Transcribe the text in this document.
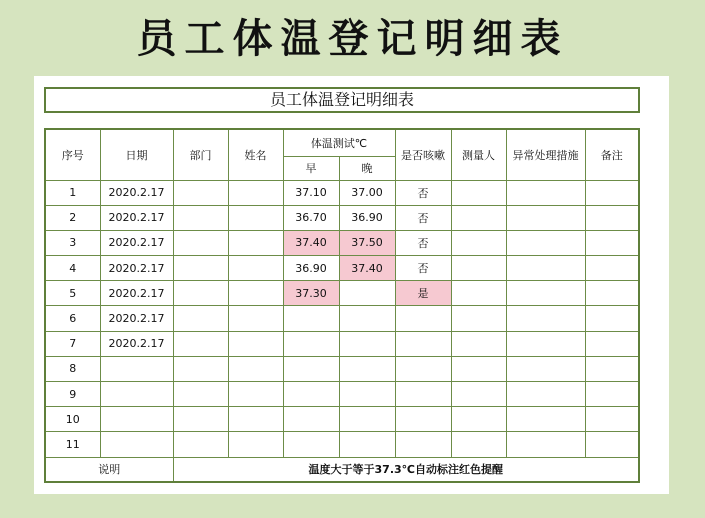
员工体温登记明细表
员工体温登记明细表
序号	日期	部门	姓名	体温测试℃		是否咳嗽	测量人	异常处理措施	备注
				早	晚				
1	2020.2.17			37.10	37.00	否			
2	2020.2.17			36.70	36.90	否			
3	2020.2.17			37.40	37.50	否			
4	2020.2.17			36.90	37.40	否			
5	2020.2.17			37.30		是			
6	2020.2.17								
7	2020.2.17								
8									
9									
10									
11									
说明		温度大于等于37.3℃自动标注红色提醒							
